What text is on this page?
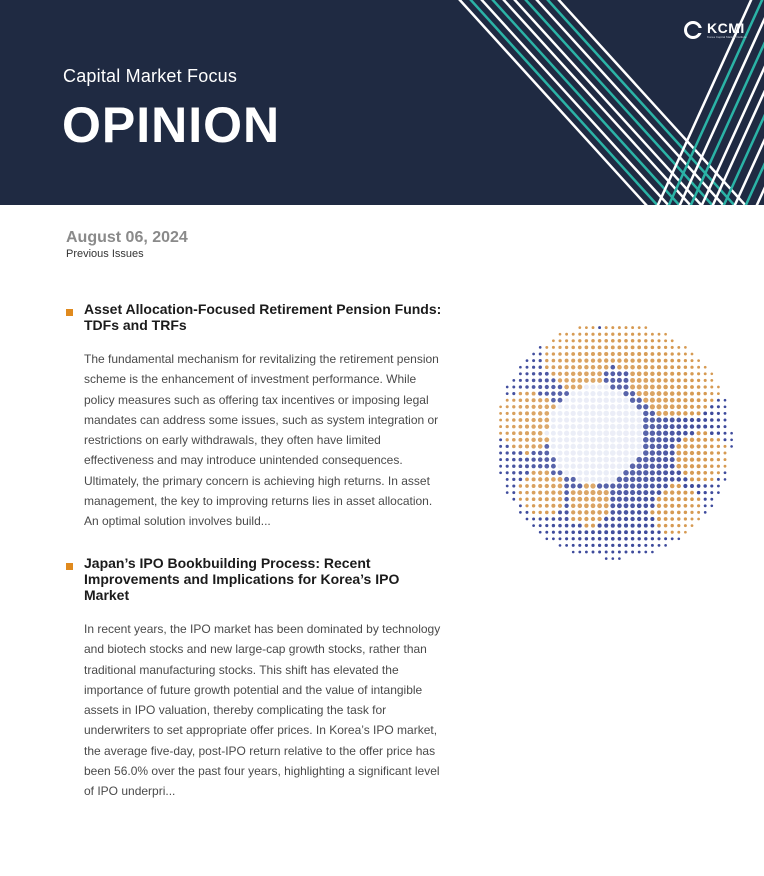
Capital Market Focus
OPINION
KCMI
Korea Capital Market Institute
August 06, 2024
Previous Issues
Asset Allocation-Focused Retirement Pension Funds: TDFs and TRFs

The fundamental mechanism for revitalizing the retirement pension scheme is the enhancement of investment performance. While policy measures such as offering tax incentives or imposing legal mandates can address some issues, such as system integration or restrictions on early withdrawals, they often have limited effectiveness and may introduce unintended consequences. Ultimately, the primary concern is achieving high returns. In asset management, the key to improving returns lies in asset allocation. An optimal solution involves build...

Japan’s IPO Bookbuilding Process: Recent Improvements and Implications for Korea’s IPO Market

In recent years, the IPO market has been dominated by technology and biotech stocks and new large-cap growth stocks, rather than traditional manufacturing stocks. This shift has elevated the importance of future growth potential and the value of intangible assets in IPO valuation, thereby complicating the task for underwriters to set appropriate offer prices. In Korea’s IPO market, the average five-day, post-IPO return relative to the offer price has been 56.0% over the past four years, highlighting a significant level of IPO underpri...
